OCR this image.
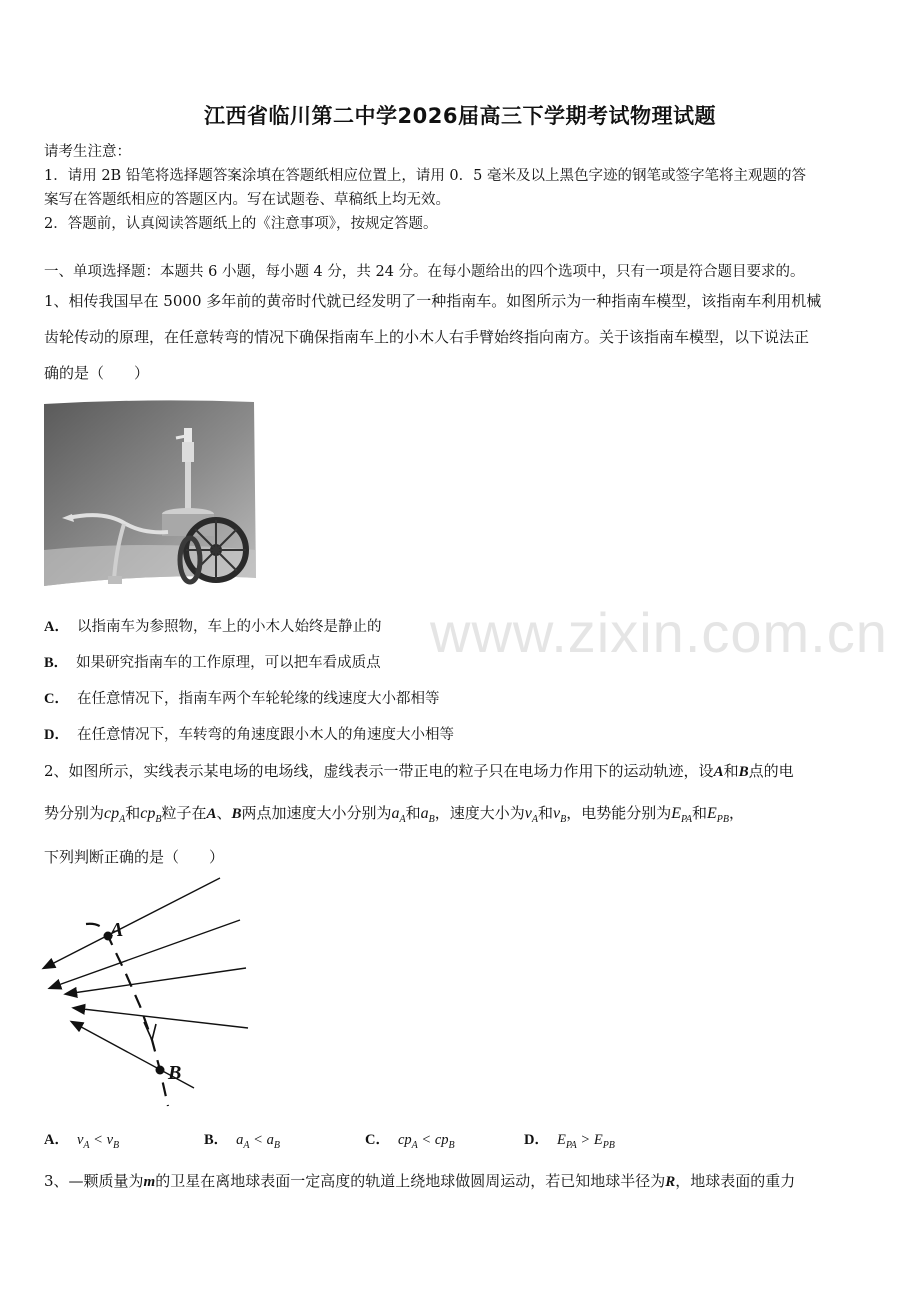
江西省临川第二中学2026届高三下学期考试物理试题
请考生注意：
1．请用 2B 铅笔将选择题答案涂填在答题纸相应位置上，请用 0．5 毫米及以上黑色字迹的钢笔或签字笔将主观题的答
案写在答题纸相应的答题区内。写在试题卷、草稿纸上均无效。
2．答题前，认真阅读答题纸上的《注意事项》，按规定答题。
一、单项选择题：本题共 6 小题，每小题 4 分，共 24 分。在每小题给出的四个选项中，只有一项是符合题目要求的。
1、相传我国早在 5000 多年前的黄帝时代就已经发明了一种指南车。如图所示为一种指南车模型，该指南车利用机械
齿轮传动的原理，在任意转弯的情况下确保指南车上的小木人右手臂始终指向南方。关于该指南车模型，以下说法正
确的是（　　）
A． 以指南车为参照物，车上的小木人始终是静止的
B． 如果研究指南车的工作原理，可以把车看成质点
C． 在任意情况下，指南车两个车轮轮缘的线速度大小都相等
D． 在任意情况下，车转弯的角速度跟小木人的角速度大小相等
www.zixin.com.cn
2、如图所示，实线表示某电场的电场线，虚线表示一带正电的粒子只在电场力作用下的运动轨迹，设A和B点的电
势分别为$cp_A$和$cp_B$粒子在A、B两点加速度大小分别为$a_A$和$a_B$，速度大小为$v_A$和$v_B$，电势能分别为$E_{PA}$和$E_{PB}$，
下列判断正确的是（　　）
A
B
A． $v_A < v_B$	B． $a_A < a_B$	C． $cp_A < cp_B$	D． $E_{PA} > E_{PB}$
3、—颗质量为m的卫星在离地球表面一定高度的轨道上绕地球做圆周运动，若已知地球半径为R，地球表面的重力
